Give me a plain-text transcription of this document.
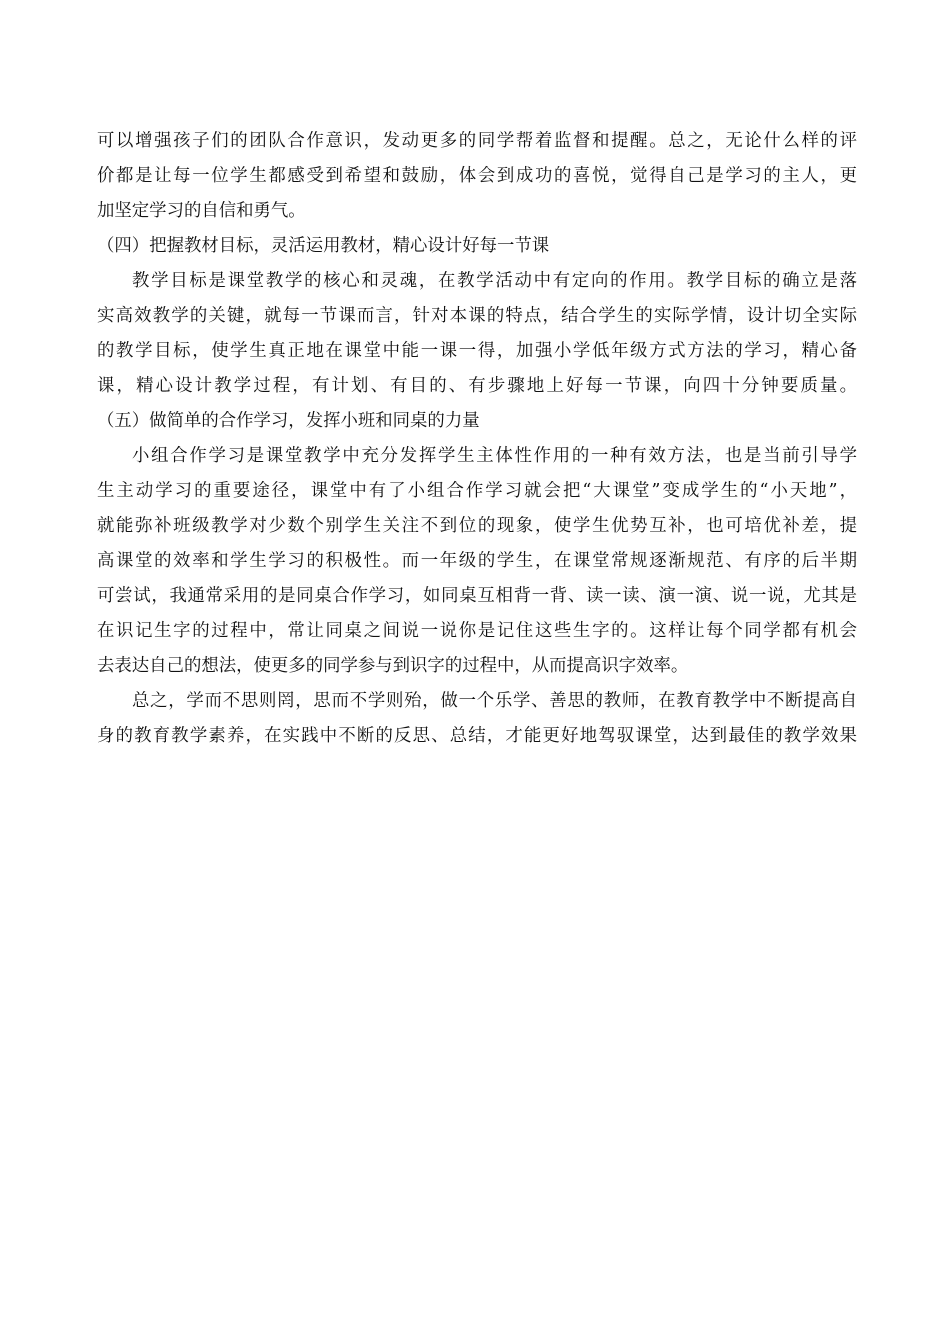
可以增强孩子们的团队合作意识，发动更多的同学帮着监督和提醒。总之，无论什么样的评
价都是让每一位学生都感受到希望和鼓励，体会到成功的喜悦，觉得自己是学习的主人，更
加坚定学习的自信和勇气。
（四）把握教材目标，灵活运用教材，精心设计好每一节课
教学目标是课堂教学的核心和灵魂，在教学活动中有定向的作用。教学目标的确立是落
实高效教学的关键，就每一节课而言，针对本课的特点，结合学生的实际学情，设计切全实际
的教学目标，使学生真正地在课堂中能一课一得，加强小学低年级方式方法的学习，精心备
课，精心设计教学过程，有计划、有目的、有步骤地上好每一节课，向四十分钟要质量。
（五）做简单的合作学习，发挥小班和同桌的力量
小组合作学习是课堂教学中充分发挥学生主体性作用的一种有效方法，也是当前引导学
生主动学习的重要途径，课堂中有了小组合作学习就会把“大课堂”变成学生的“小天地”，
就能弥补班级教学对少数个别学生关注不到位的现象，使学生优势互补，也可培优补差，提
高课堂的效率和学生学习的积极性。而一年级的学生，在课堂常规逐渐规范、有序的后半期
可尝试，我通常采用的是同桌合作学习，如同桌互相背一背、读一读、演一演、说一说，尤其是
在识记生字的过程中，常让同桌之间说一说你是记住这些生字的。这样让每个同学都有机会
去表达自己的想法，使更多的同学参与到识字的过程中，从而提高识字效率。
总之，学而不思则罔，思而不学则殆，做一个乐学、善思的教师，在教育教学中不断提高自
身的教育教学素养，在实践中不断的反思、总结，才能更好地驾驭课堂，达到最佳的教学效果
